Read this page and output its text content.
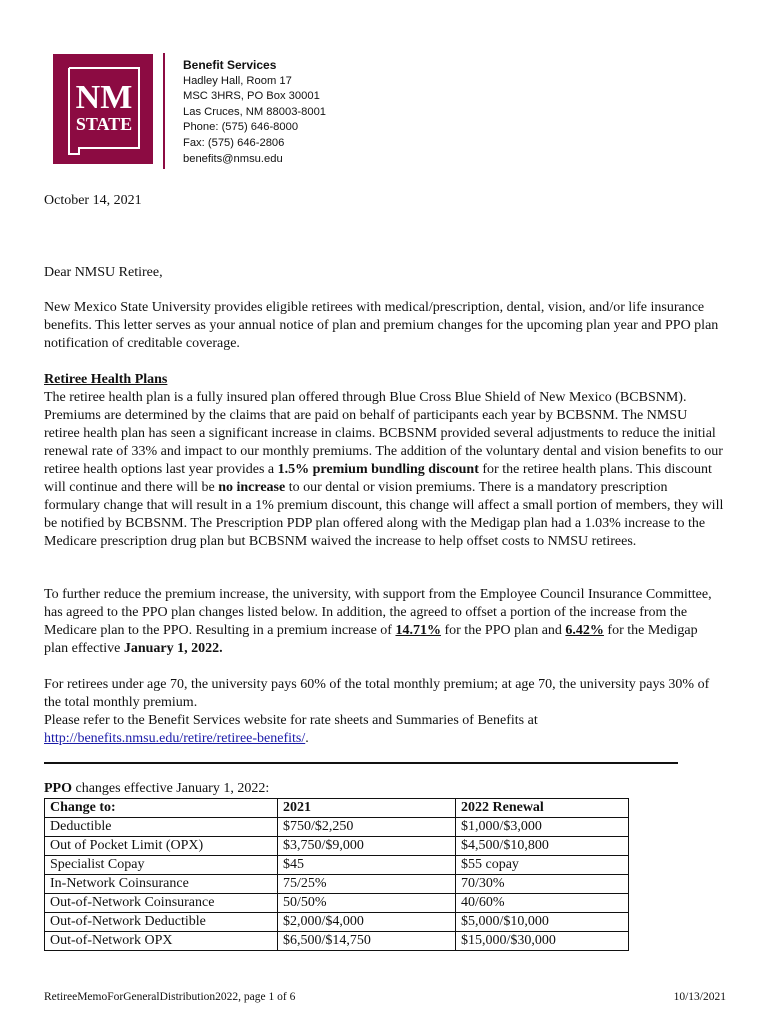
NM
STATE
Benefit Services
Hadley Hall, Room 17
MSC 3HRS, PO Box 30001
Las Cruces, NM 88003-8001
Phone: (575) 646-8000
Fax: (575) 646-2806
benefits@nmsu.edu
October 14, 2021
Dear NMSU Retiree,

New Mexico State University provides eligible retirees with medical/prescription, dental, vision, and/or life insurance benefits. This letter serves as your annual notice of plan and premium changes for the upcoming plan year and PPO plan notification of creditable coverage.

Retiree Health Plans

The retiree health plan is a fully insured plan offered through Blue Cross Blue Shield of New Mexico (BCBSNM). Premiums are determined by the claims that are paid on behalf of participants each year by BCBSNM. The NMSU retiree health plan has seen a significant increase in claims. BCBSNM provided several adjustments to reduce the initial renewal rate of 33% and impact to our monthly premiums. The addition of the voluntary dental and vision benefits to our retiree health options last year provides a 1.5% premium bundling discount for the retiree health plans. This discount will continue and there will be no increase to our dental or vision premiums. There is a mandatory prescription formulary change that will result in a 1% premium discount, this change will affect a small portion of members, they will be notified by BCBSNM. The Prescription PDP plan offered along with the Medigap plan had a 1.03% increase to the Medicare prescription drug plan but BCBSNM waived the increase to help offset costs to NMSU retirees.

To further reduce the premium increase, the university, with support from the Employee Council Insurance Committee, has agreed to the PPO plan changes listed below. In addition, the agreed to offset a portion of the increase from the Medicare plan to the PPO. Resulting in a premium increase of 14.71% for the PPO plan and 6.42% for the Medigap plan effective January 1, 2022.

For retirees under age 70, the university pays 60% of the total monthly premium; at age 70, the university pays 30% of the total monthly premium.

Please refer to the Benefit Services website for rate sheets and Summaries of Benefits at http://benefits.nmsu.edu/retire/retiree-benefits/.

PPO changes effective January 1, 2022:
Change to:	2021	2022 Renewal
Deductible	$750/$2,250	$1,000/$3,000
Out of Pocket Limit (OPX)	$3,750/$9,000	$4,500/$10,800
Specialist Copay	$45	$55 copay
In-Network Coinsurance	75/25%	70/30%
Out-of-Network Coinsurance	50/50%	40/60%
Out-of-Network Deductible	$2,000/$4,000	$5,000/$10,000
Out-of-Network OPX	$6,500/$14,750	$15,000/$30,000
RetireeMemoForGeneralDistribution2022, page 1 of 6	10/13/2021
